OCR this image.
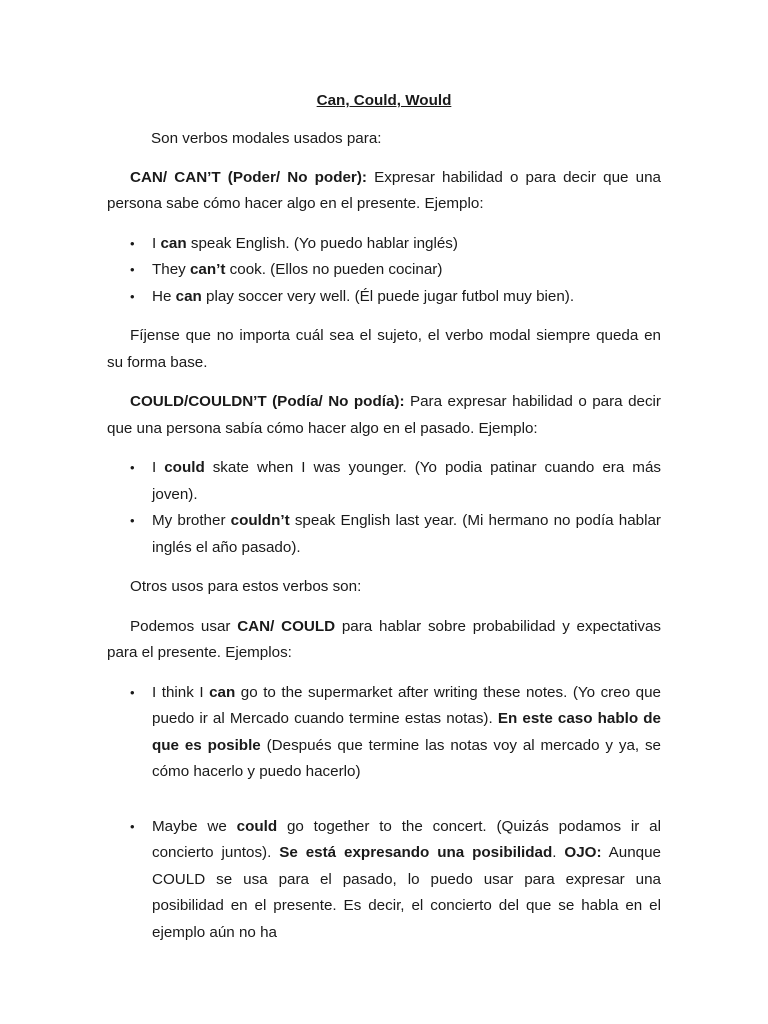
Can, Could, Would

Son verbos modales usados para:

CAN/ CAN’T (Poder/ No poder): Expresar habilidad o para decir que una persona sabe cómo hacer algo en el presente. Ejemplo:

• I can speak English. (Yo puedo hablar inglés)
• They can’t cook. (Ellos no pueden cocinar)
• He can play soccer very well. (Él puede jugar futbol muy bien).

Fíjense que no importa cuál sea el sujeto, el verbo modal siempre queda en su forma base.

COULD/COULDN’T (Podía/ No podía): Para expresar habilidad o para decir que una persona sabía cómo hacer algo en el pasado. Ejemplo:

• I could skate when I was younger. (Yo podia patinar cuando era más joven).
• My brother couldn’t speak English last year. (Mi hermano no podía hablar inglés el año pasado).

Otros usos para estos verbos son:

Podemos usar CAN/ COULD para hablar sobre probabilidad y expectativas para el presente. Ejemplos:

• I think I can go to the supermarket after writing these notes. (Yo creo que puedo ir al Mercado cuando termine estas notas). En este caso hablo de que es posible (Después que termine las notas voy al mercado y ya, se cómo hacerlo y puedo hacerlo)
• Maybe we could go together to the concert. (Quizás podamos ir al concierto juntos). Se está expresando una posibilidad. OJO: Aunque COULD se usa para el pasado, lo puedo usar para expresar una posibilidad en el presente. Es decir, el concierto del que se habla en el ejemplo aún no ha
